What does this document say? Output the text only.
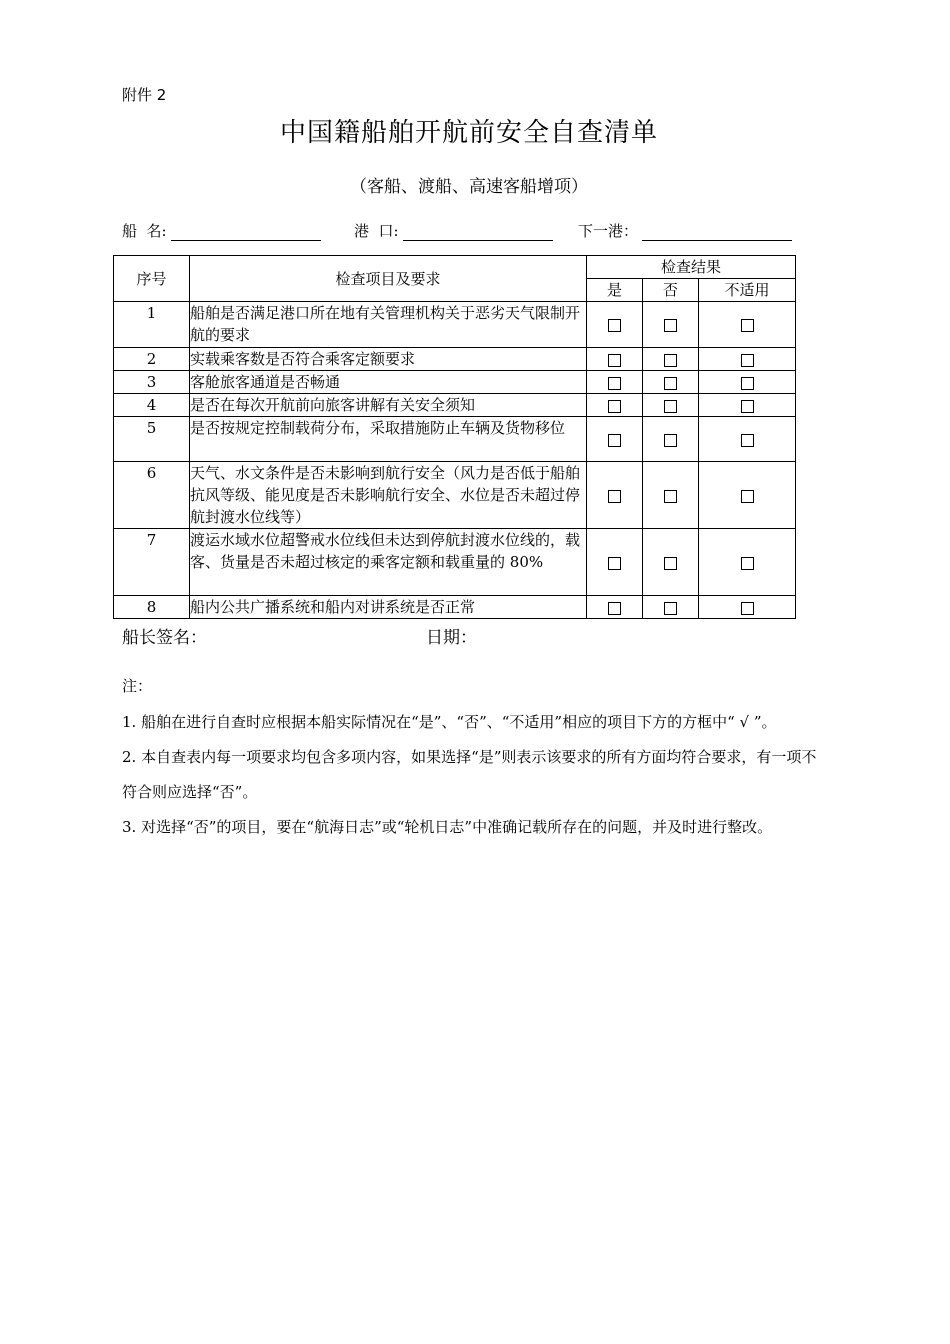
附件 2
中国籍船舶开航前安全自查清单
（客船、渡船、高速客船增项）
船  名:	港  口:	下一港：
序号	检查项目及要求	检查结果		
		是	否	不适用
1	船舶是否满足港口所在地有关管理机构关于恶劣天气限制开航的要求			
2	实载乘客数是否符合乘客定额要求			
3	客舱旅客通道是否畅通			
4	是否在每次开航前向旅客讲解有关安全须知			
5	是否按规定控制载荷分布，采取措施防止车辆及货物移位			
6	天气、水文条件是否未影响到航行安全（风力是否低于船舶抗风等级、能见度是否未影响航行安全、水位是否未超过停航封渡水位线等）			
7	渡运水域水位超警戒水位线但未达到停航封渡水位线的，载客、货量是否未超过核定的乘客定额和载重量的 80%			
8	船内公共广播系统和船内对讲系统是否正常			
船长签名：	日期：
注：

1. 船舶在进行自查时应根据本船实际情况在“是”、“否”、“不适用”相应的项目下方的方框中“ √ ”。

2. 本自查表内每一项要求均包含多项内容，如果选择“是”则表示该要求的所有方面均符合要求，有一项不符合则应选择“否”。

3. 对选择“否”的项目，要在“航海日志”或“轮机日志”中准确记载所存在的问题，并及时进行整改。
